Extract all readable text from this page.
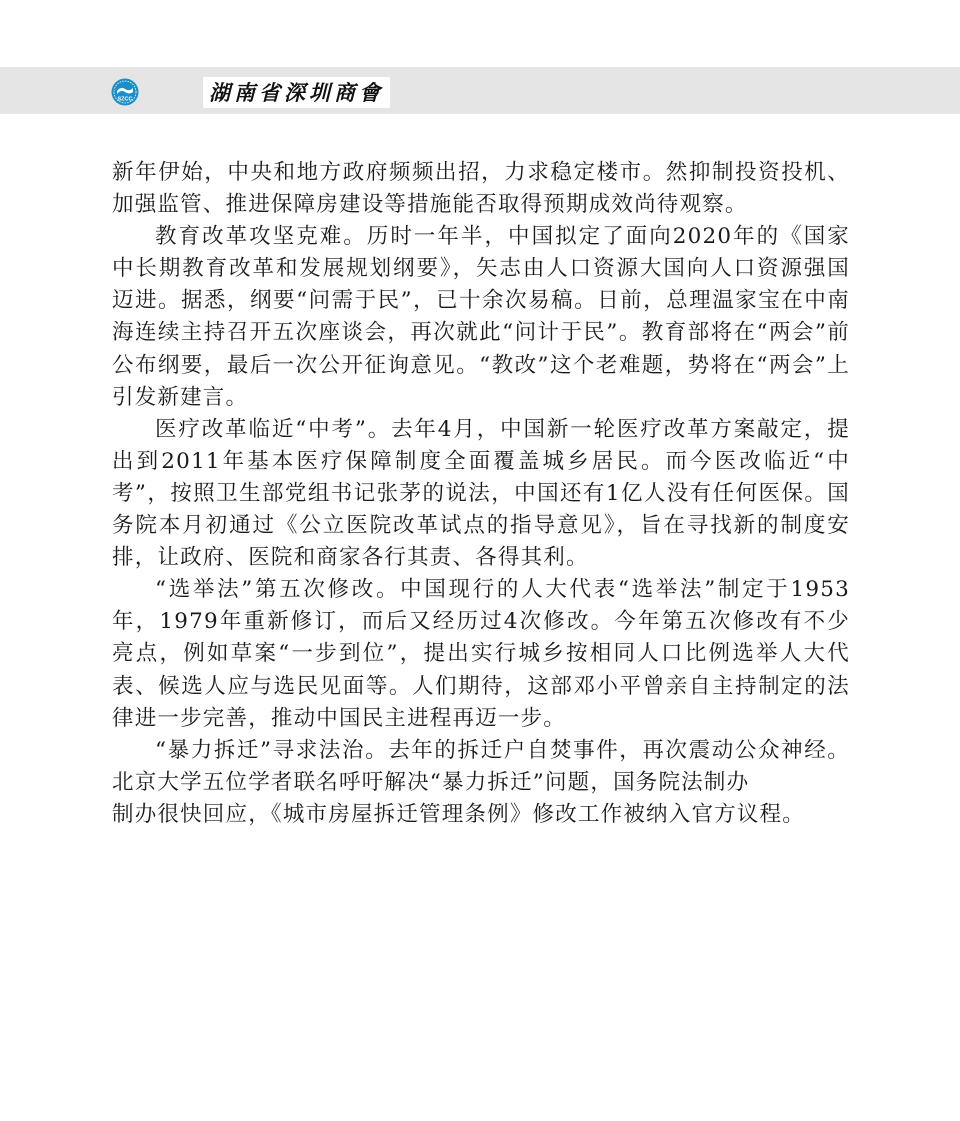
SZCC	湖南省深圳商會

新年伊始，中央和地方政府频频出招，力求稳定楼市。然抑制投资投机、加强监管、推进保障房建设等措施能否取得预期成效尚待观察。

教育改革攻坚克难。历时一年半，中国拟定了面向2020年的《国家中长期教育改革和发展规划纲要》，矢志由人口资源大国向人口资源强国迈进。据悉，纲要“问需于民”，已十余次易稿。日前，总理温家宝在中南海连续主持召开五次座谈会，再次就此“问计于民”。教育部将在“两会”前公布纲要，最后一次公开征询意见。“教改”这个老难题，势将在“两会”上引发新建言。

医疗改革临近“中考”。去年4月，中国新一轮医疗改革方案敲定，提出到2011年基本医疗保障制度全面覆盖城乡居民。而今医改临近“中 考”，按照卫生部党组书记张茅的说法，中国还有1亿人没有任何医保。国务院本月初通过《公立医院改革试点的指导意见》，旨在寻找新的制度安排，让政府、医院和商家各行其责、各得其利。

“选举法”第五次修改。中国现行的人大代表“选举法”制定于1953年，1979年重新修订，而后又经历过4次修改。今年第五次修改有不少 亮点，例如草案“一步到位”，提出实行城乡按相同人口比例选举人大代表、候选人应与选民见面等。人们期待，这部邓小平曾亲自主持制定的法律进一步完善，推动中国民主进程再迈一步。

“暴力拆迁”寻求法治。去年的拆迁户自焚事件，再次震动公众神经。北京大学五位学者联名呼吁解决“暴力拆迁”问题，国务院法制办

制办很快回应，《城市房屋拆迁管理条例》修改工作被纳入官方议程。
